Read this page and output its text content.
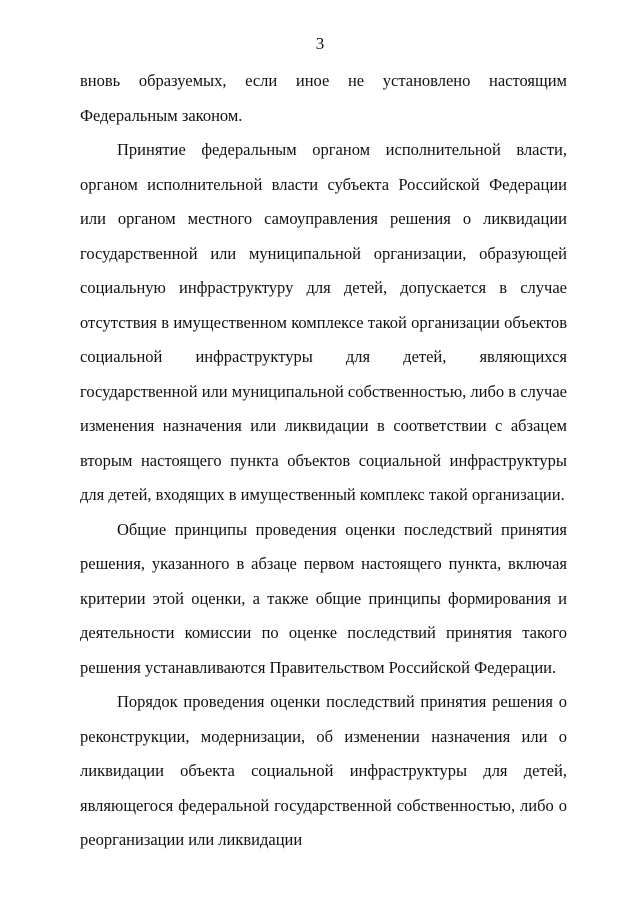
3

вновь образуемых, если иное не установлено настоящим Федеральным законом.

Принятие федеральным органом исполнительной власти, органом исполнительной власти субъекта Российской Федерации или органом местного самоуправления решения о ликвидации государственной или муниципальной организации, образующей социальную инфраструктуру для детей, допускается в случае отсутствия в имущественном комплексе такой организации объектов социальной инфраструктуры для детей, являющихся государственной или муниципальной собственностью, либо в случае изменения назначения или ликвидации в соответствии с абзацем вторым настоящего пункта объектов социальной инфраструктуры для детей, входящих в имущественный комплекс такой организации.

Общие принципы проведения оценки последствий принятия решения, указанного в абзаце первом настоящего пункта, включая критерии этой оценки, а также общие принципы формирования и деятельности комиссии по оценке последствий принятия такого решения устанавливаются Правительством Российской Федерации.

Порядок проведения оценки последствий принятия решения о реконструкции, модернизации, об изменении назначения или о ликвидации объекта социальной инфраструктуры для детей, являющегося федеральной государственной собственностью, либо о реорганизации или ликвидации
